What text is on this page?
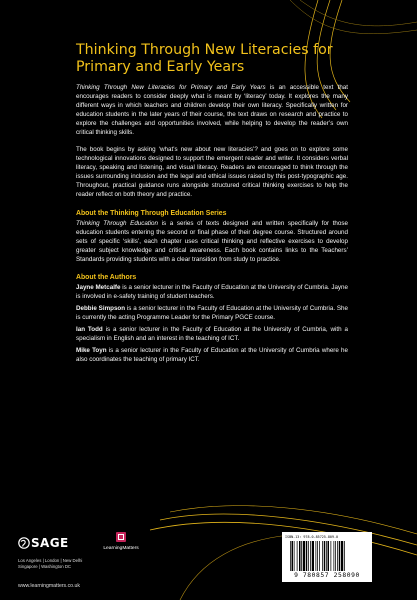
Thinking Through New Literacies for Primary and Early Years

Thinking Through New Literacies for Primary and Early Years is an accessible text that encourages readers to consider deeply what is meant by ‘literacy’ today. It explores the many different ways in which teachers and children develop their own literacy. Specifically written for education students in the later years of their course, the text draws on research and practice to explore the challenges and opportunities involved, while helping to develop the reader’s own critical thinking skills.

The book begins by asking ‘what’s new about new literacies’? and goes on to explore some technological innovations designed to support the emergent reader and writer. It considers verbal literacy, speaking and listening, and visual literacy. Readers are encouraged to think through the issues surrounding inclusion and the legal and ethical issues raised by this post-typographic age. Throughout, practical guidance runs alongside structured critical thinking exercises to help the reader reflect on both theory and practice.

About the Thinking Through Education Series

Thinking Through Education is a series of texts designed and written specifically for those education students entering the second or final phase of their degree course. Structured around sets of specific ‘skills’, each chapter uses critical thinking and reflective exercises to develop greater subject knowledge and critical awareness. Each book contains links to the Teachers’ Standards providing students with a clear transition from study to practice.

About the Authors

Jayne Metcalfe is a senior lecturer in the Faculty of Education at the University of Cumbria. Jayne is involved in e-safety training of student teachers.

Debbie Simpson is a senior lecturer in the Faculty of Education at the University of Cumbria. She is currently the acting Programme Leader for the Primary PGCE course.

Ian Todd is a senior lecturer in the Faculty of Education at the University of Cumbria, with a specialism in English and an interest in the teaching of ICT.

Mike Toyn is a senior lecturer in the Faculty of Education at the University of Cumbria where he also coordinates the teaching of primary ICT.

SAGE
Los Angeles | London | New Delhi
Singapore | Washington DC
www.learningmatters.co.uk
LearningMatters
ISBN-13: 978-0-85725-809-0
9 780857 258090
